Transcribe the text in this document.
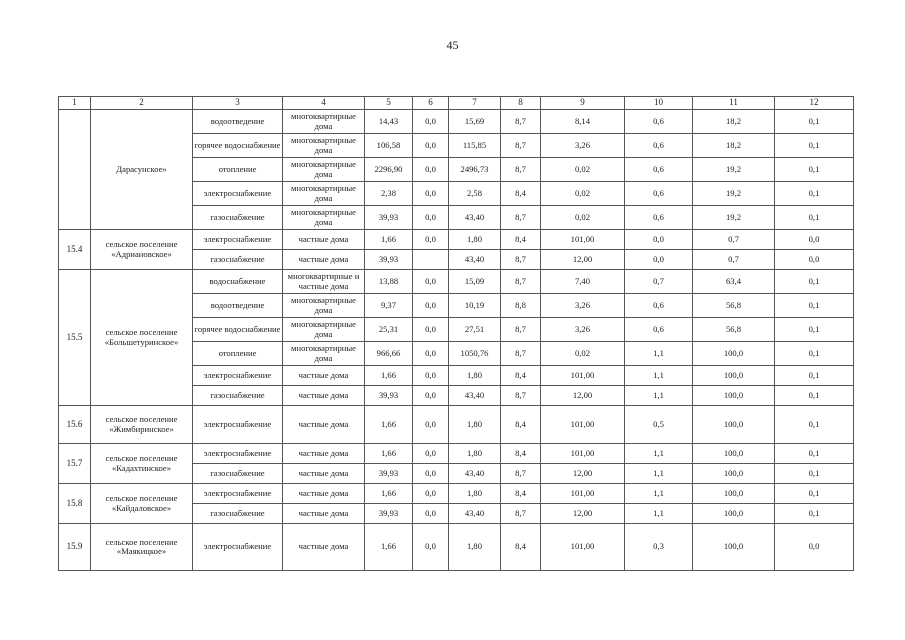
45
1	2	3	4	5	6	7	8	9	10	11	12
	Дарасунское»	водоотведение	многоквартирные дома	14,43	0,0	15,69	8,7	8,14	0,6	18,2	0,1
		горячее водоснабжение	многоквартирные дома	106,58	0,0	115,85	8,7	3,26	0,6	18,2	0,1
		отопление	многоквартирные дома	2296,90	0,0	2496,73	8,7	0,02	0,6	19,2	0,1
		электроснабжение	многоквартирные дома	2,38	0,0	2,58	8,4	0,02	0,6	19,2	0,1
		газоснабжение	многоквартирные дома	39,93	0,0	43,40	8,7	0,02	0,6	19,2	0,1
15.4	сельское поселение «Адриановское»	электроснабжение	частные дома	1,66	0,0	1,80	8,4	101,00	0,0	0,7	0,0
		газоснабжение	частные дома	39,93		43,40	8,7	12,00	0,0	0,7	0,0
15.5	сельское поселение «Большетуринское»	водоснабжение	многоквартирные и частные дома	13,88	0,0	15,09	8,7	7,40	0,7	63,4	0,1
		водоотведение	многоквартирные дома	9,37	0,0	10,19	8,8	3,26	0,6	56,8	0,1
		горячее водоснабжение	многоквартирные дома	25,31	0,0	27,51	8,7	3,26	0,6	56,8	0,1
		отопление	многоквартирные дома	966,66	0,0	1050,76	8,7	0,02	1,1	100,0	0,1
		электроснабжение	частные дома	1,66	0,0	1,80	8,4	101,00	1,1	100,0	0,1
		газоснабжение	частные дома	39,93	0,0	43,40	8,7	12,00	1,1	100,0	0,1
15.6	сельское поселение «Жимбиринское»	электроснабжение	частные дома	1,66	0,0	1,80	8,4	101,00	0,5	100,0	0,1
15.7	сельское поселение «Кадахтинское»	электроснабжение	частные дома	1,66	0,0	1,80	8,4	101,00	1,1	100,0	0,1
		газоснабжение	частные дома	39,93	0,0	43,40	8,7	12,00	1,1	100,0	0,1
15.8	сельское поселение «Кайдаловское»	электроснабжение	частные дома	1,66	0,0	1,80	8,4	101,00	1,1	100,0	0,1
		газоснабжение	частные дома	39,93	0,0	43,40	8,7	12,00	1,1	100,0	0,1
15.9	сельское поселение «Маякицкое»	электроснабжение	частные дома	1,66	0,0	1,80	8,4	101,00	0,3	100,0	0,0
